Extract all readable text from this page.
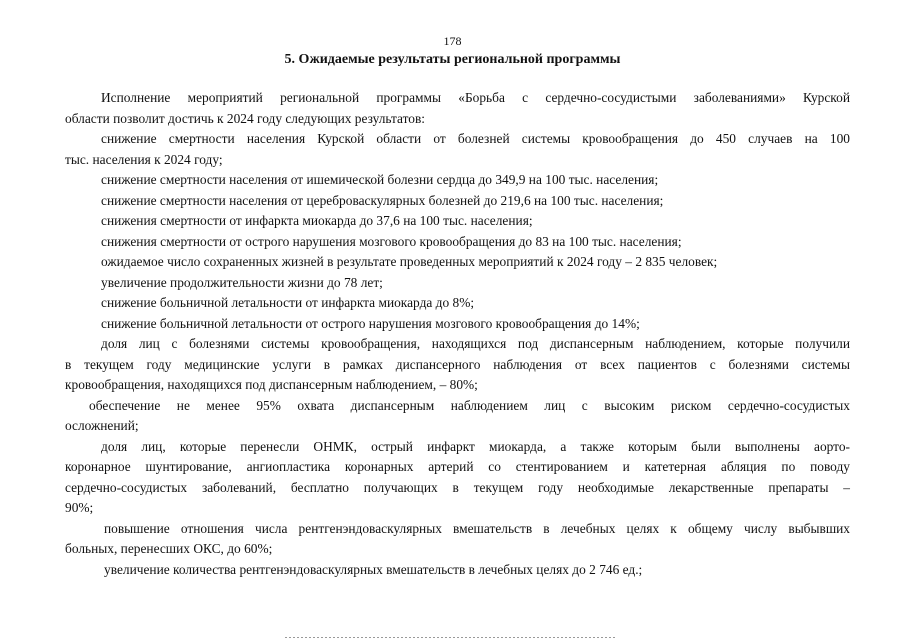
178
5. Ожидаемые результаты региональной программы
Исполнение мероприятий региональной программы «Борьба с сердечно-сосудистыми заболеваниями» Курской
области позволит достичь к 2024 году следующих результатов:
снижение смертности населения Курской области от болезней системы кровообращения до 450 случаев на 100
тыс. населения к 2024 году;
снижение смертности населения от ишемической болезни сердца до 349,9 на 100 тыс. населения;
снижение смертности населения от цереброваскулярных болезней до 219,6 на 100 тыс. населения;
снижения смертности от инфаркта миокарда до 37,6 на 100 тыс. населения;
снижения смертности от острого нарушения мозгового кровообращения до 83 на 100 тыс. населения;
ожидаемое число сохраненных жизней в результате проведенных мероприятий к 2024 году – 2 835 человек;
увеличение продолжительности жизни до 78 лет;
снижение больничной летальности от инфаркта миокарда до 8%;
снижение больничной летальности от острого нарушения мозгового кровообращения до 14%;
доля лиц с болезнями системы кровообращения, находящихся под диспансерным наблюдением, которые получили
в текущем году медицинские услуги в рамках диспансерного наблюдения от всех пациентов с болезнями системы
кровообращения, находящихся под диспансерным наблюдением, – 80%;
обеспечение не менее 95% охвата диспансерным наблюдением лиц с высоким риском сердечно-сосудистых
осложнений;
доля лиц, которые перенесли ОНМК, острый инфаркт миокарда, а также которым были выполнены аорто-
коронарное шунтирование, ангиопластика коронарных артерий со стентированием и катетерная абляция по поводу
сердечно-сосудистых заболеваний, бесплатно получающих в текущем году необходимые лекарственные препараты –
90%;
повышение отношения числа рентгенэндоваскулярных вмешательств в лечебных целях к общему числу выбывших
больных, перенесших ОКС, до 60%;
увеличение количества рентгенэндоваскулярных вмешательств в лечебных целях до 2 746 ед.;
